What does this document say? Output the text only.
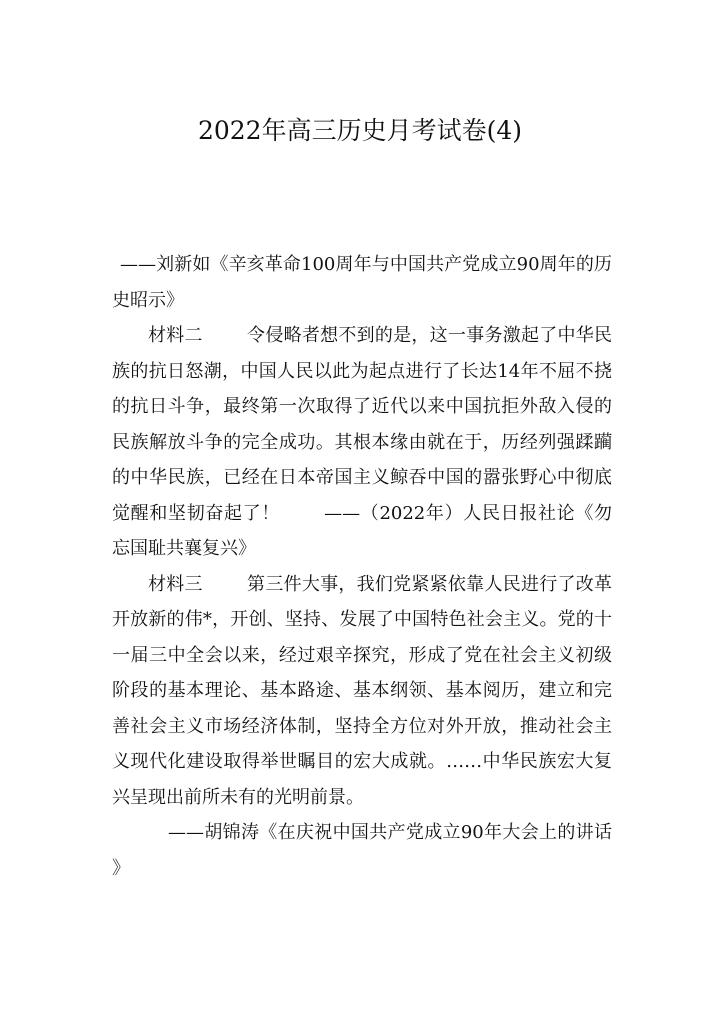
2022年高三历史月考试卷(4)

——刘新如《辛亥革命100周年与中国共产党成立90周年的历史昭示》

材料二 令侵略者想不到的是，这一事务激起了中华民族的抗日怒潮，中国人民以此为起点进行了长达14年不屈不挠的抗日斗争，最终第一次取得了近代以来中国抗拒外敌入侵的民族解放斗争的完全成功。其根本缘由就在于，历经列强蹂躏的中华民族，已经在日本帝国主义鲸吞中国的嚣张野心中彻底觉醒和坚韧奋起了！ ——（2022年）人民日报社论《勿忘国耻共襄复兴》

材料三 第三件大事，我们党紧紧依靠人民进行了改革开放新的伟*，开创、坚持、发展了中国特色社会主义。党的十一届三中全会以来，经过艰辛探究，形成了党在社会主义初级阶段的基本理论、基本路途、基本纲领、基本阅历，建立和完善社会主义市场经济体制，坚持全方位对外开放，推动社会主义现代化建设取得举世瞩目的宏大成就。……中华民族宏大复兴呈现出前所未有的光明前景。

——胡锦涛《在庆祝中国共产党成立90年大会上的讲话》
